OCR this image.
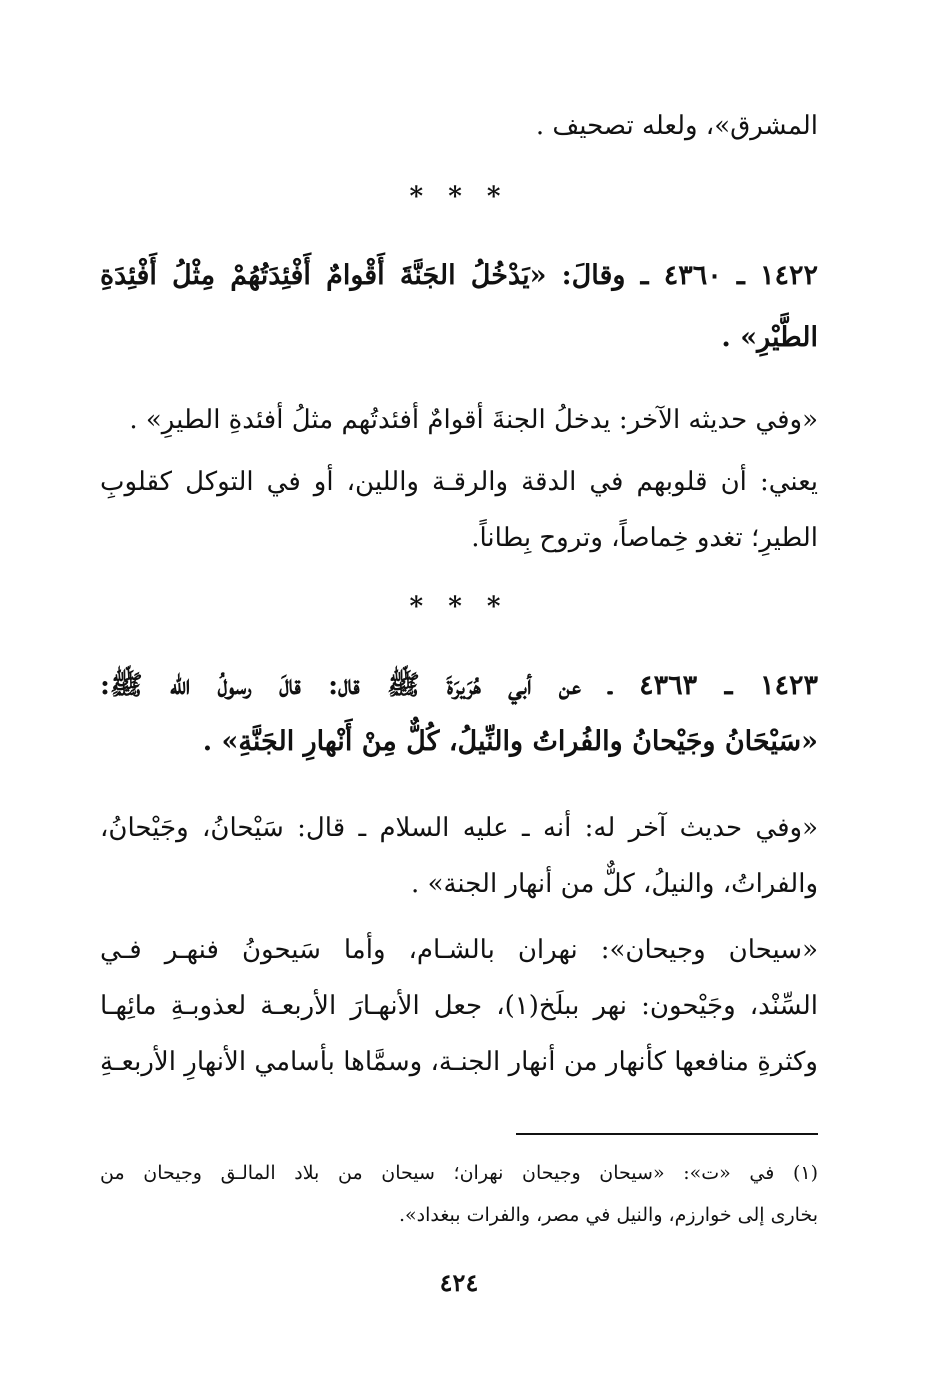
المشرق»، ولعله تصحيف .

* * *

١٤٢٢ ـ ٤٣٦٠ ـ وقالَ: «يَدْخُلُ الجَنَّةَ أَقْوامٌ أَفْئِدَتُهُمْ مِثْلُ أَفْئِدَةِ

الطَّيْرِ» .

«وفي حديثه الآخر: يدخلُ الجنةَ أقوامٌ أفئدتُهم مثلُ أفئدةِ الطيرِ» .

يعني: أن قلوبهم في الدقة والرقـة واللين، أو في التوكل كقلوبِ

الطيرِ؛ تغدو خِماصاً، وتروح بِطاناً.

* * *

١٤٢٣ ـ ٤٣٦٣ ـ عن أبي هُرَيرَةَ ﷺ قال: قالَ رسولُ الله ﷺ:

«سَيْحَانُ وجَيْحانُ والفُراتُ والنِّيلُ، كُلٌّ مِنْ أَنْهارِ الجَنَّةِ» .

«وفي حديث آخر له: أنه ـ عليه السلام ـ قال: سَيْحانُ، وجَيْحانُ،

والفراتُ، والنيلُ، كلٌّ من أنهار الجنة» .

«سيحان وجيحان»: نهران بالشـام، وأما سَيحونُ فنهـر فـي

السِّنْد، وجَيْحون: نهر ببلَخ(١)، جعل الأنهـارَ الأربعـة لعذوبـةِ مائِهـا

وكثرةِ منافعها كأنهار من أنهار الجنـة، وسمَّاها بأسامي الأنهارِ الأربعـةِ

(١) في «ت»: «سيحان وجيحان نهران؛ سيحان من بلاد المالـق وجيحان من

بخارى إلى خوارزم، والنيل في مصر، والفرات ببغداد».

٤٢٤
